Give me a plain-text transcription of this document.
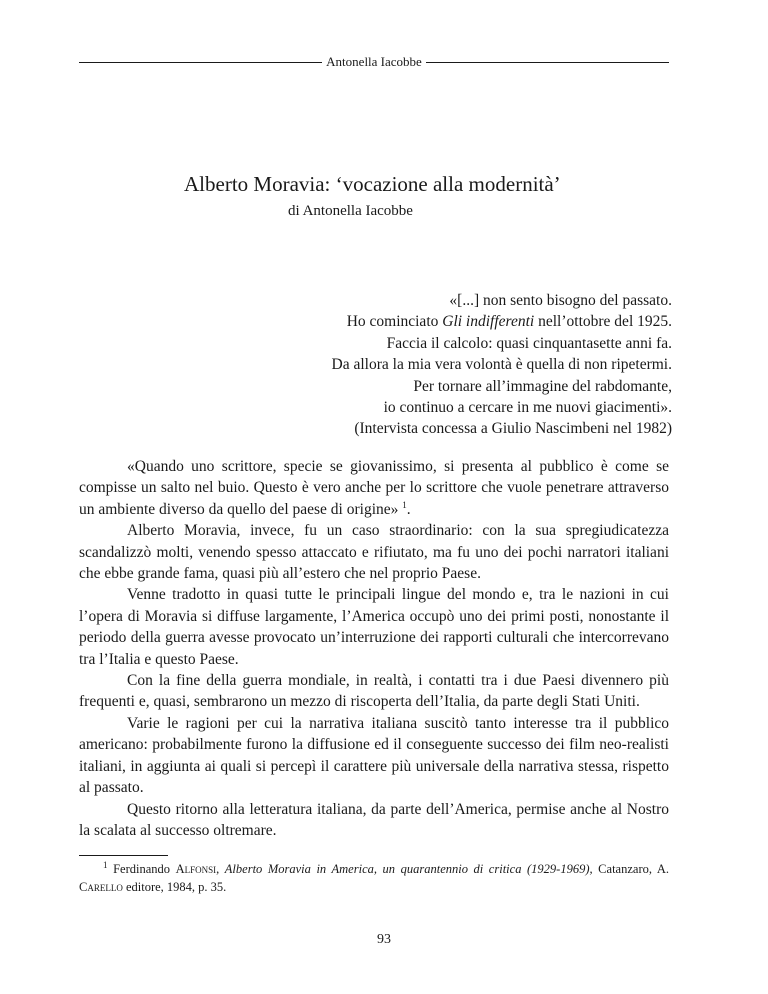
Antonella Iacobbe
Alberto Moravia: ‘vocazione alla modernità’
di Antonella Iacobbe
«[...] non sento bisogno del passato.
Ho cominciato Gli indifferenti nell’ottobre del 1925.
Faccia il calcolo: quasi cinquantasette anni fa.
Da allora la mia vera volontà è quella di non ripetermi.
Per tornare all’immagine del rabdomante,
io continuo a cercare in me nuovi giacimenti».
(Intervista concessa a Giulio Nascimbeni nel 1982)

«Quando uno scrittore, specie se giovanissimo, si presenta al pubblico è come se compisse un salto nel buio. Questo è vero anche per lo scrittore che vuole penetrare attraverso un ambiente diverso da quello del paese di origine» $^1$.

Alberto Moravia, invece, fu un caso straordinario: con la sua spregiudicatezza scandalizzò molti, venendo spesso attaccato e rifiutato, ma fu uno dei pochi narratori italiani che ebbe grande fama, quasi più all’estero che nel proprio Paese.

Venne tradotto in quasi tutte le principali lingue del mondo e, tra le nazioni in cui l’opera di Moravia si diffuse largamente, l’America occupò uno dei primi posti, nonostante il periodo della guerra avesse provocato un’interruzione dei rapporti culturali che intercorrevano tra l’Italia e questo Paese.

Con la fine della guerra mondiale, in realtà, i contatti tra i due Paesi divennero più frequenti e, quasi, sembrarono un mezzo di riscoperta dell’Italia, da parte degli Stati Uniti.

Varie le ragioni per cui la narrativa italiana suscitò tanto interesse tra il pubblico americano: probabilmente furono la diffusione ed il conseguente successo dei film neo-realisti italiani, in aggiunta ai quali si percepì il carattere più universale della narrativa stessa, rispetto al passato.

Questo ritorno alla letteratura italiana, da parte dell’America, permise anche al Nostro la scalata al successo oltremare.

$^1$ Ferdinando Alfonsi, Alberto Moravia in America, un quarantennio di critica (1929-1969), Catanzaro, A. Carello editore, 1984, p. 35.

93
